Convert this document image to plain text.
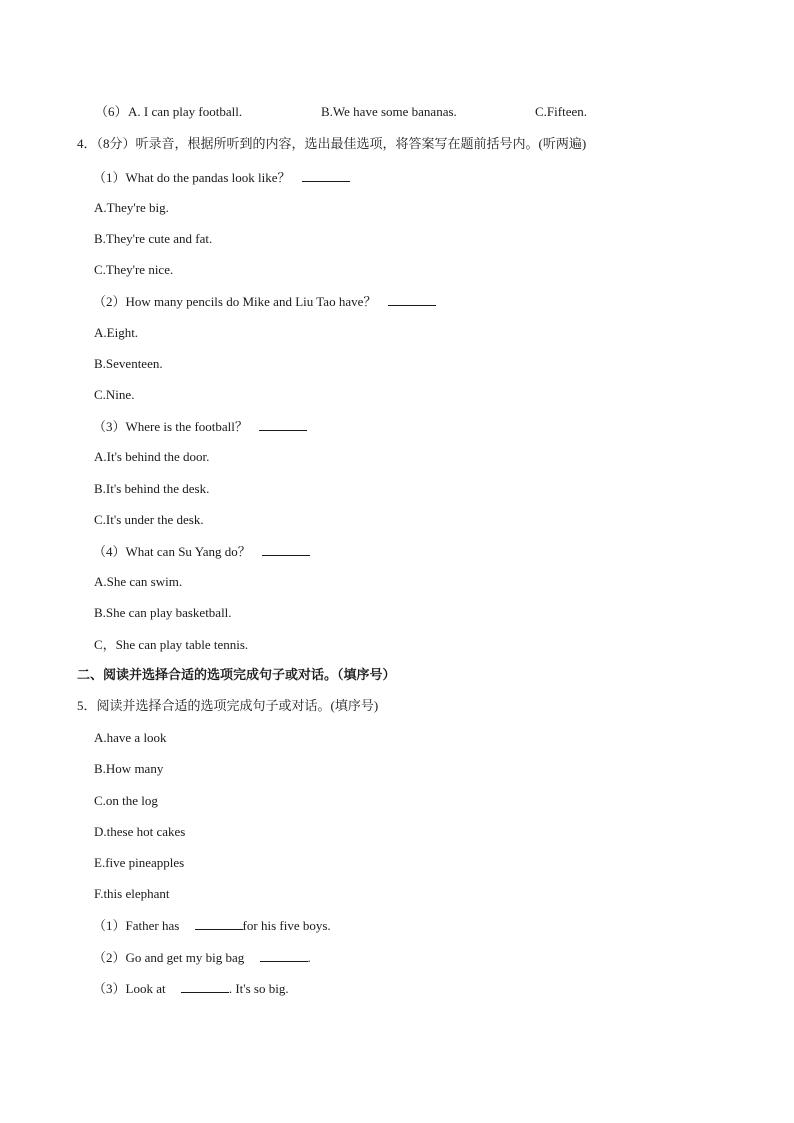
（6） A. I can play football.	B.We have some bananas.	C.Fifteen.
4．（8分）听录音，根据所听到的内容，选出最佳选项，将答案写在题前括号内。(听两遍)
（1）What do the pandas look like？
A.They're big.
B.They're cute and fat.
C.They're nice.
（2）How many pencils do Mike and Liu Tao have？
A.Eight.
B.Seventeen.
C.Nine.
（3）Where is the football？
A.It's behind the door.
B.It's behind the desk.
C.It's under the desk.
（4）What can Su Yang do？
A.She can swim.
B.She can play basketball.
C，She can play table tennis.
二、阅读并选择合适的选项完成句子或对话。（填序号）
5．阅读并选择合适的选项完成句子或对话。(填序号)
A.have a look
B.How many
C.on the log
D.these hot cakes
E.five pineapples
F.this elephant
（1）Father has	for his five boys.
（2）Go and get my big bag	.
（3）Look at	. It's so big.
